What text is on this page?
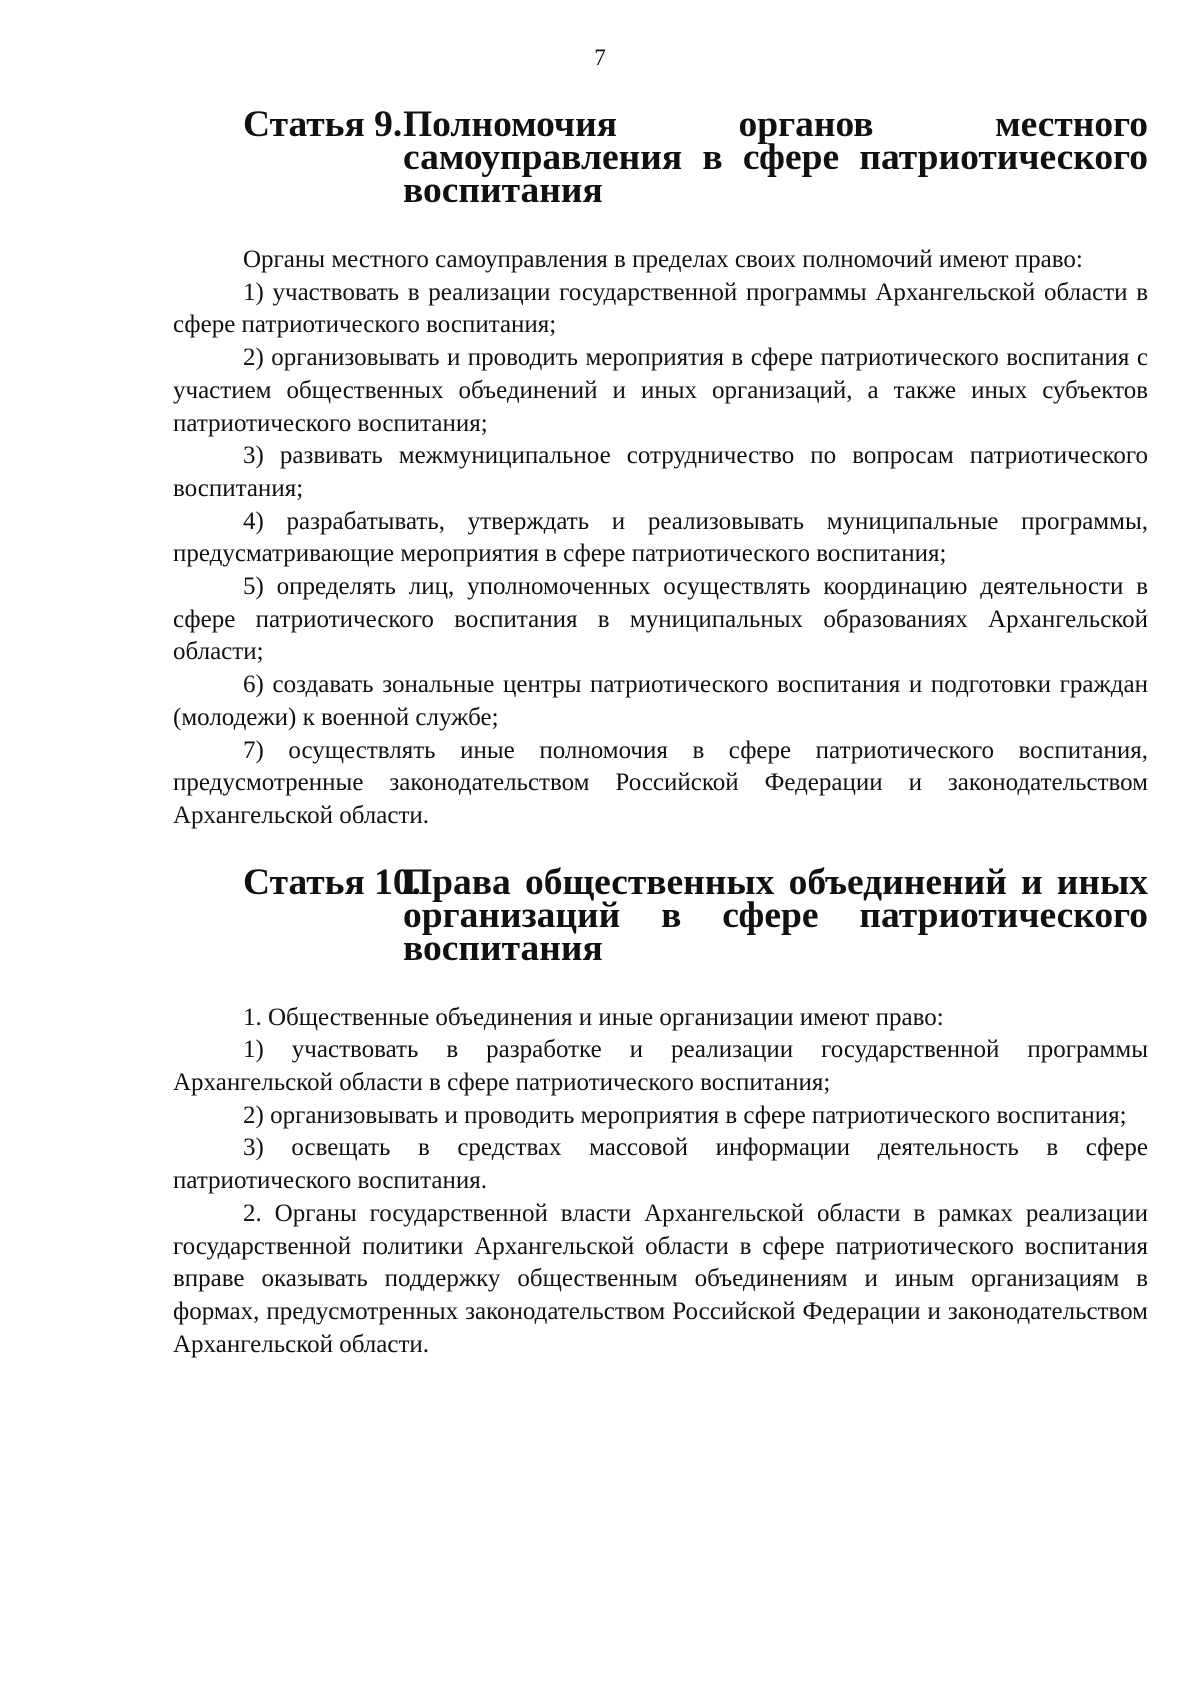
7
Статья 9. Полномочия органов местного самоуправления в сфере патриотического воспитания

Органы местного самоуправления в пределах своих полномочий имеют право:

1) участвовать в реализации государственной программы Архангельской области в сфере патриотического воспитания;

2) организовывать и проводить мероприятия в сфере патриотического воспитания с участием общественных объединений и иных организаций, а также иных субъектов патриотического воспитания;

3) развивать межмуниципальное сотрудничество по вопросам патриотического воспитания;

4) разрабатывать, утверждать и реализовывать муниципальные программы, предусматривающие мероприятия в сфере патриотического воспитания;

5) определять лиц, уполномоченных осуществлять координацию деятельности в сфере патриотического воспитания в муниципальных образованиях Архангельской области;

6) создавать зональные центры патриотического воспитания и подготовки граждан (молодежи) к военной службе;

7) осуществлять иные полномочия в сфере патриотического воспитания, предусмотренные законодательством Российской Федерации и законодательством Архангельской области.

Статья 10.
Права общественных объединений и иных организаций в сфере патриотического воспитания

1. Общественные объединения и иные организации имеют право:

1) участвовать в разработке и реализации государственной программы Архангельской области в сфере патриотического воспитания;

2) организовывать и проводить мероприятия в сфере патриотического воспитания;

3) освещать в средствах массовой информации деятельность в сфере патриотического воспитания.

2. Органы государственной власти Архангельской области в рамках реализации государственной политики Архангельской области в сфере патриотического воспитания вправе оказывать поддержку общественным объединениям и иным организациям в формах, предусмотренных законодательством Российской Федерации и законодательством Архангельской области.
